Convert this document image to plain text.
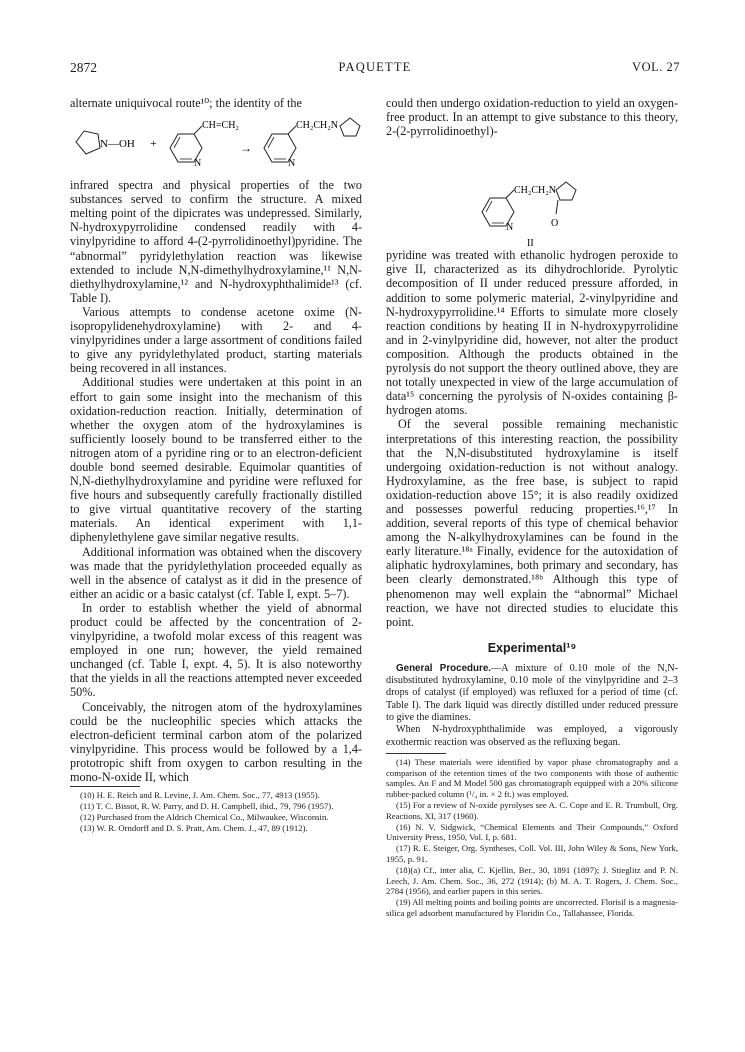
2872	PAQUETTE	VOL. 27

alternate uniquivocal route¹⁰; the identity of the

N—OH +
CH=CH₂
N
→
CH₂CH₂N
N

infrared spectra and physical properties of the two substances served to confirm the structure. A mixed melting point of the dipicrates was undepressed. Similarly, N-hydroxypyrrolidine condensed readily with 4-vinylpyridine to afford 4-(2-pyrrolidinoethyl)pyridine. The “abnormal” pyridylethylation reaction was likewise extended to include N,N-dimethylhydroxylamine,¹¹ N,N-diethylhydroxylamine,¹² and N-hydroxyphthalimide¹³ (cf. Table I).

Various attempts to condense acetone oxime (N-isopropylidenehydroxylamine) with 2- and 4-vinylpyridines under a large assortment of conditions failed to give any pyridylethylated product, starting materials being recovered in all instances.

Additional studies were undertaken at this point in an effort to gain some insight into the mechanism of this oxidation-reduction reaction. Initially, determination of whether the oxygen atom of the hydroxylamines is sufficiently loosely bound to be transferred either to the nitrogen atom of a pyridine ring or to an electron-deficient double bond seemed desirable. Equimolar quantities of N,N-diethylhydroxylamine and pyridine were refluxed for five hours and subsequently carefully fractionally distilled to give virtual quantitative recovery of the starting materials. An identical experiment with 1,1-diphenylethylene gave similar negative results.

Additional information was obtained when the discovery was made that the pyridylethylation proceeded equally as well in the absence of catalyst as it did in the presence of either an acidic or a basic catalyst (cf. Table I, expt. 5–7).

In order to establish whether the yield of abnormal product could be affected by the concentration of 2-vinylpyridine, a twofold molar excess of this reagent was employed in one run; however, the yield remained unchanged (cf. Table I, expt. 4, 5). It is also noteworthy that the yields in all the reactions attempted never exceeded 50%.

Conceivably, the nitrogen atom of the hydroxylamines could be the nucleophilic species which attacks the electron-deficient terminal carbon atom of the polarized vinylpyridine. This process would be followed by a 1,4-prototropic shift from oxygen to carbon resulting in the mono-N-oxide II, which

(10) H. E. Reich and R. Levine, J. Am. Chem. Soc., 77, 4913 (1955).

(11) T. C. Bissot, R. W. Parry, and D. H. Campbell, ibid., 79, 796 (1957).

(12) Purchased from the Aldrich Chemical Co., Milwaukee, Wisconsin.

(13) W. R. Orndorff and D. S. Pratt, Am. Chem. J., 47, 89 (1912).

could then undergo oxidation-reduction to yield an oxygen-free product. In an attempt to give substance to this theory, 2-(2-pyrrolidinoethyl)-

CH₂CH₂N
N	O
II

pyridine was treated with ethanolic hydrogen peroxide to give II, characterized as its dihydrochloride. Pyrolytic decomposition of II under reduced pressure afforded, in addition to some polymeric material, 2-vinylpyridine and N-hydroxypyrrolidine.¹⁴ Efforts to simulate more closely reaction conditions by heating II in N-hydroxypyrrolidine and in 2-vinylpyridine did, however, not alter the product composition. Although the products obtained in the pyrolysis do not support the theory outlined above, they are not totally unexpected in view of the large accumulation of data¹⁵ concerning the pyrolysis of N-oxides containing β-hydrogen atoms.

Of the several possible remaining mechanistic interpretations of this interesting reaction, the possibility that the N,N-disubstituted hydroxylamine is itself undergoing oxidation-reduction is not without analogy. Hydroxylamine, as the free base, is subject to rapid oxidation-reduction above 15°; it is also readily oxidized and possesses powerful reducing properties.¹⁶,¹⁷ In addition, several reports of this type of chemical behavior among the N-alkylhydroxylamines can be found in the early literature.¹⁸ᵃ Finally, evidence for the autoxidation of aliphatic hydroxylamines, both primary and secondary, has been clearly demonstrated.¹⁸ᵇ Although this type of phenomenon may well explain the “abnormal” Michael reaction, we have not directed studies to elucidate this point.

Experimental¹⁹

General Procedure.—A mixture of 0.10 mole of the N,N-disubstituted hydroxylamine, 0.10 mole of the vinylpyridine and 2–3 drops of catalyst (if employed) was refluxed for a period of time (cf. Table I). The dark liquid was directly distilled under reduced pressure to give the diamines.

When N-hydroxyphthalimide was employed, a vigorously exothermic reaction was observed as the refluxing began.

(14) These materials were identified by vapor phase chromatography and a comparison of the retention times of the two components with those of authentic samples. An F and M Model 500 gas chromatograph equipped with a 20% silicone rubber-packed column (¹/₄ in. × 2 ft.) was employed.

(15) For a review of N-oxide pyrolyses see A. C. Cope and E. R. Trumbull, Org. Reactions, XI, 317 (1960).

(16) N. V. Sidgwick, “Chemical Elements and Their Compounds,” Oxford University Press, 1950, Vol. I, p. 681.

(17) R. E. Steiger, Org. Syntheses, Coll. Vol. III, John Wiley & Sons, New York, 1955, p. 91.

(18)(a) Cf., inter alia, C. Kjellin, Ber., 30, 1891 (1897); J. Stieglitz and P. N. Leech, J. Am. Chem. Soc., 36, 272 (1914); (b) M. A. T. Rogers, J. Chem. Soc., 2784 (1956), and earlier papers in this series.

(19) All melting points and boiling points are uncorrected. Florisil is a magnesia-silica gel adsorbent manufactured by Floridin Co., Tallahassee, Florida.
